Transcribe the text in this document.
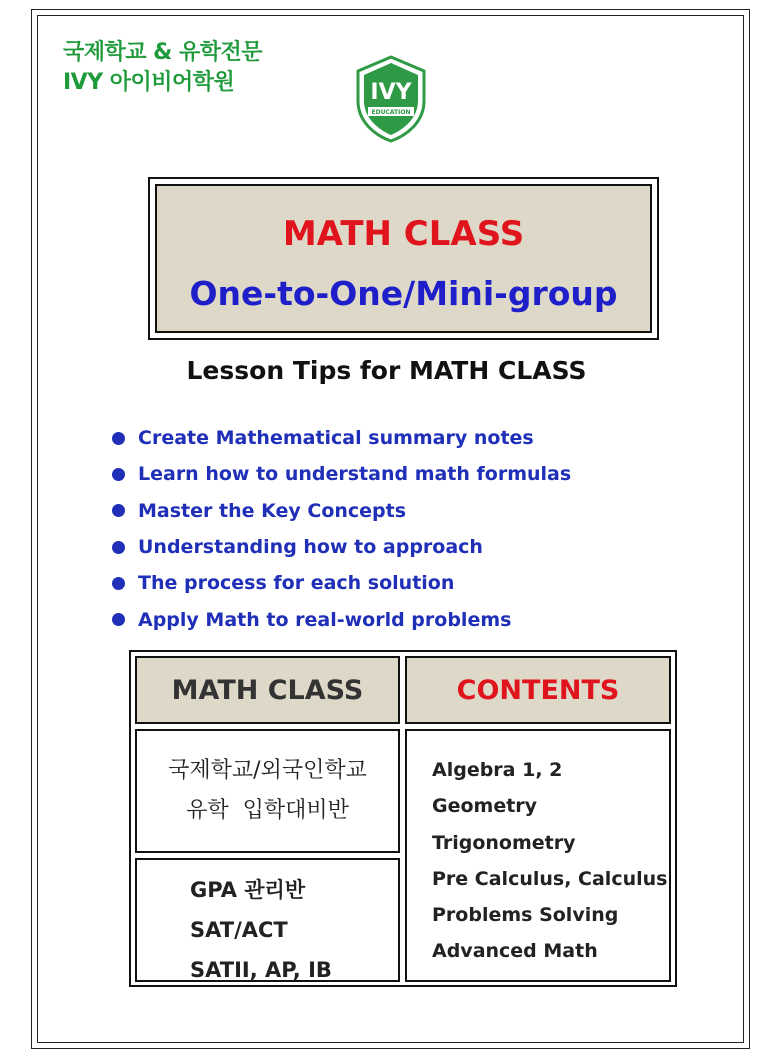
국제학교 & 유학전문
IVY 아이비어학원	IVY
EDUCATION
MATH CLASS
One-to-One/Mini-group
Lesson Tips for MATH CLASS
Create Mathematical summary notes
Learn how to understand math formulas
Master the Key Concepts
Understanding how to approach
The process for each solution
Apply Math to real-world problems
MATH CLASS	CONTENTS
국제학교/외국인학교
유학  입학대비반
GPA 관리반
SAT/ACT
SATII, AP, IB
Algebra 1, 2
Geometry
Trigonometry
Pre Calculus, Calculus
Problems Solving
Advanced Math
